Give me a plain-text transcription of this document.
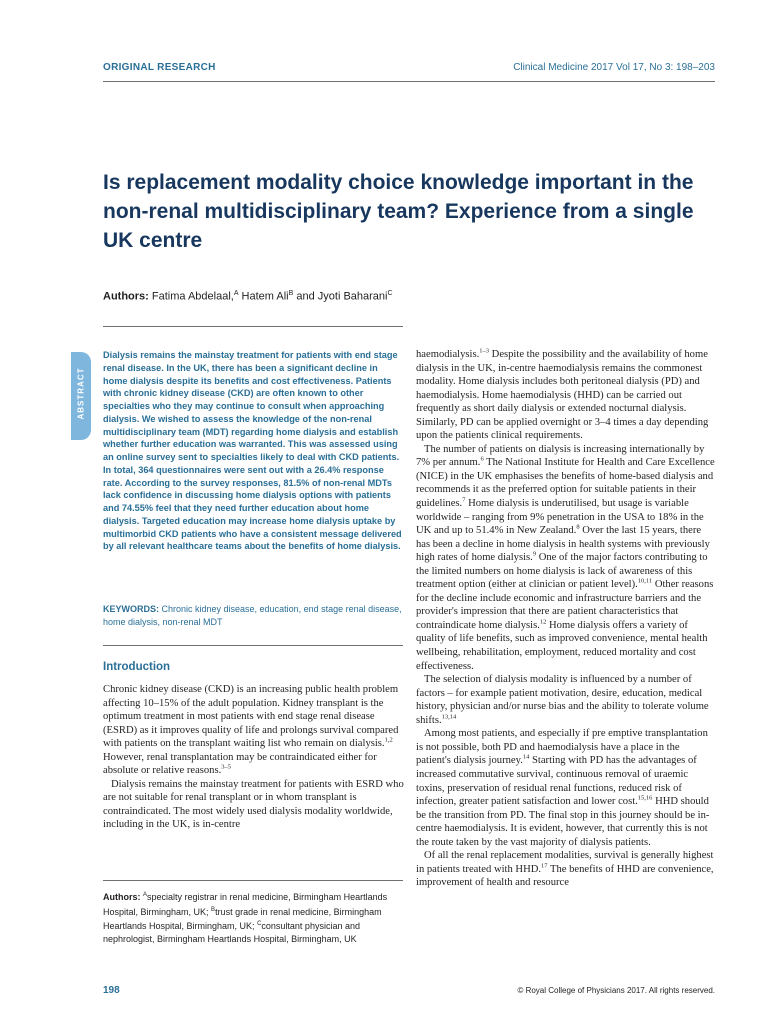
ORIGINAL RESEARCH	Clinical Medicine 2017 Vol 17, No 3: 198–203
Is replacement modality choice knowledge important in the non-renal multidisciplinary team? Experience from a single UK centre
Authors: Fatima Abdelaal,$^A$ Hatem Ali$^B$ and Jyoti Baharani$^C$
ABSTRACT
Dialysis remains the mainstay treatment for patients with end stage renal disease. In the UK, there has been a significant decline in home dialysis despite its benefits and cost effectiveness. Patients with chronic kidney disease (CKD) are often known to other specialties who they may continue to consult when approaching dialysis. We wished to assess the knowledge of the non-renal multidisciplinary team (MDT) regarding home dialysis and establish whether further education was warranted. This was assessed using an online survey sent to specialties likely to deal with CKD patients. In total, 364 questionnaires were sent out with a 26.4% response rate. According to the survey responses, 81.5% of non-renal MDTs lack confidence in discussing home dialysis options with patients and 74.55% feel that they need further education about home dialysis. Targeted education may increase home dialysis uptake by multimorbid CKD patients who have a consistent message delivered by all relevant healthcare teams about the benefits of home dialysis.
KEYWORDS: Chronic kidney disease, education, end stage renal disease, home dialysis, non-renal MDT
Introduction

Chronic kidney disease (CKD) is an increasing public health problem affecting 10–15% of the adult population. Kidney transplant is the optimum treatment in most patients with end stage renal disease (ESRD) as it improves quality of life and prolongs survival compared with patients on the transplant waiting list who remain on dialysis.$^{1,2}$ However, renal transplantation may be contraindicated either for absolute or relative reasons.$^{3-5}$

Dialysis remains the mainstay treatment for patients with ESRD who are not suitable for renal transplant or in whom transplant is contraindicated. The most widely used dialysis modality worldwide, including in the UK, is in-centre

haemodialysis.$^{1-3}$ Despite the possibility and the availability of home dialysis in the UK, in-centre haemodialysis remains the commonest modality. Home dialysis includes both peritoneal dialysis (PD) and haemodialysis. Home haemodialysis (HHD) can be carried out frequently as short daily dialysis or extended nocturnal dialysis. Similarly, PD can be applied overnight or 3–4 times a day depending upon the patients clinical requirements.

The number of patients on dialysis is increasing internationally by 7% per annum.$^6$ The National Institute for Health and Care Excellence (NICE) in the UK emphasises the benefits of home-based dialysis and recommends it as the preferred option for suitable patients in their guidelines.$^7$ Home dialysis is underutilised, but usage is variable worldwide – ranging from 9% penetration in the USA to 18% in the UK and up to 51.4% in New Zealand.$^8$ Over the last 15 years, there has been a decline in home dialysis in health systems with previously high rates of home dialysis.$^9$ One of the major factors contributing to the limited numbers on home dialysis is lack of awareness of this treatment option (either at clinician or patient level).$^{10,11}$ Other reasons for the decline include economic and infrastructure barriers and the provider's impression that there are patient characteristics that contraindicate home dialysis.$^{12}$ Home dialysis offers a variety of quality of life benefits, such as improved convenience, mental health wellbeing, rehabilitation, employment, reduced mortality and cost effectiveness.

The selection of dialysis modality is influenced by a number of factors – for example patient motivation, desire, education, medical history, physician and/or nurse bias and the ability to tolerate volume shifts.$^{13,14}$

Among most patients, and especially if pre emptive transplantation is not possible, both PD and haemodialysis have a place in the patient's dialysis journey.$^{14}$ Starting with PD has the advantages of increased commutative survival, continuous removal of uraemic toxins, preservation of residual renal functions, reduced risk of infection, greater patient satisfaction and lower cost.$^{15,16}$ HHD should be the transition from PD. The final stop in this journey should be in-centre haemodialysis. It is evident, however, that currently this is not the route taken by the vast majority of dialysis patients.

Of all the renal replacement modalities, survival is generally highest in patients treated with HHD.$^{17}$ The benefits of HHD are convenience, improvement of health and resource

Authors: $^A$specialty registrar in renal medicine, Birmingham Heartlands Hospital, Birmingham, UK; $^B$trust grade in renal medicine, Birmingham Heartlands Hospital, Birmingham, UK; $^C$consultant physician and nephrologist, Birmingham Heartlands Hospital, Birmingham, UK
198	© Royal College of Physicians 2017. All rights reserved.
